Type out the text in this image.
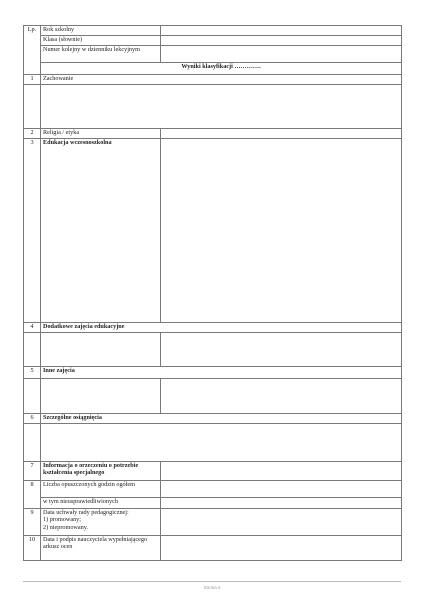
Lp.	Rok szkolny	
	Klasa (słownie)	
	Numer kolejny w dzienniku lekcyjnym	
	Wyniki klasyfikacji ………….	
1	Zachowanie	

2	Religia / etyka	
3	Edukacja wczesnoszkolna	
4	Dodatkowe zajęcia edukacyjne	

5	Inne zajęcia	

6	Szczególne osiągnięcia	

7	Informacja o orzeczeniu o potrzebie kształcenia specjalnego	
8	Liczba opuszczonych godzin ogółem	
	w tym nieusprawiedliwionych	
9	Data uchwały rady pedagogicznej:
1) promowany;
2) niepromowany.	

10	Data i podpis nauczyciela wypełniającego arkusz ocen	
Strona 4
